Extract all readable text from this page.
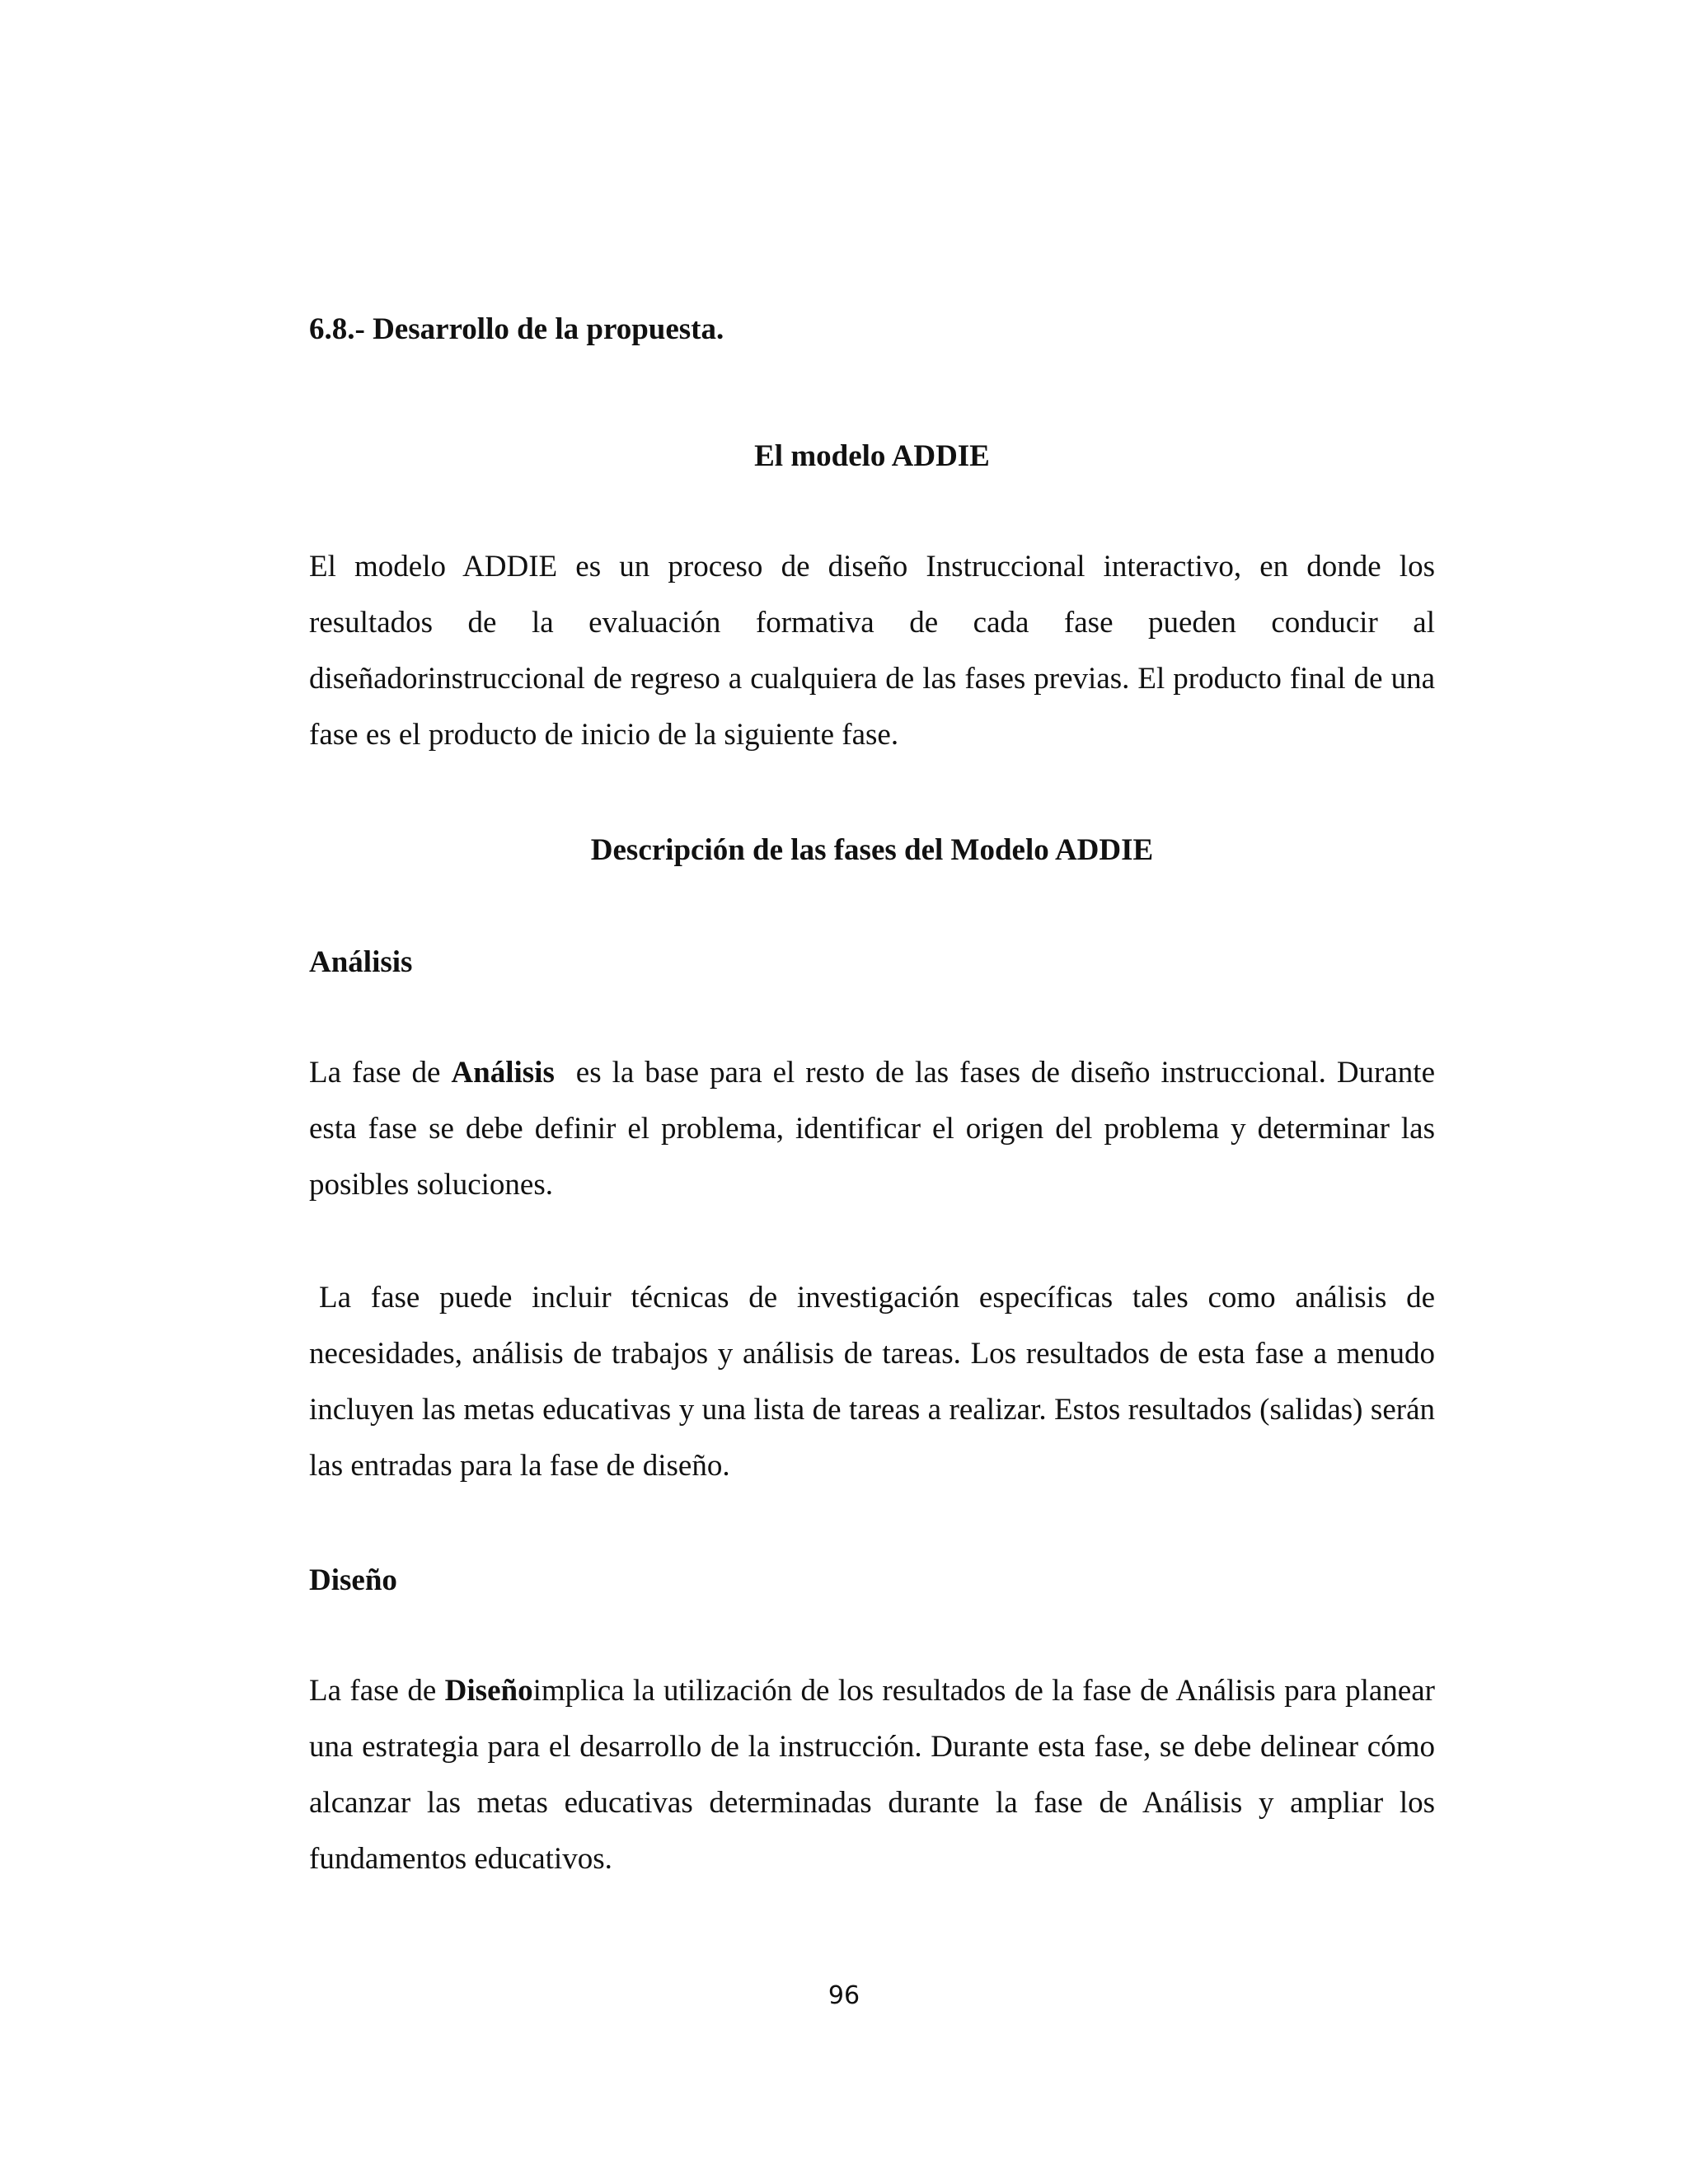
6.8.- Desarrollo de la propuesta.
El modelo ADDIE

El modelo ADDIE es un proceso de diseño Instruccional interactivo, en donde los resultados de la evaluación formativa de cada fase pueden conducir al diseñadorinstruccional de regreso a cualquiera de las fases previas. El producto final de una fase es el producto de inicio de la siguiente fase.

Descripción de las fases del Modelo ADDIE
Análisis

La fase de Análisis  es la base para el resto de las fases de diseño instruccional. Durante esta fase se debe definir el problema, identificar el origen del problema y determinar las posibles soluciones.

La fase puede incluir técnicas de investigación específicas tales como análisis de necesidades, análisis de trabajos y análisis de tareas. Los resultados de esta fase a menudo incluyen las metas educativas y una lista de tareas a realizar. Estos resultados (salidas) serán las entradas para la fase de diseño.

Diseño

La fase de Diseñoimplica la utilización de los resultados de la fase de Análisis para planear una estrategia para el desarrollo de la instrucción. Durante esta fase, se debe delinear cómo alcanzar las metas educativas determinadas durante la fase de Análisis y ampliar los fundamentos educativos.

96
